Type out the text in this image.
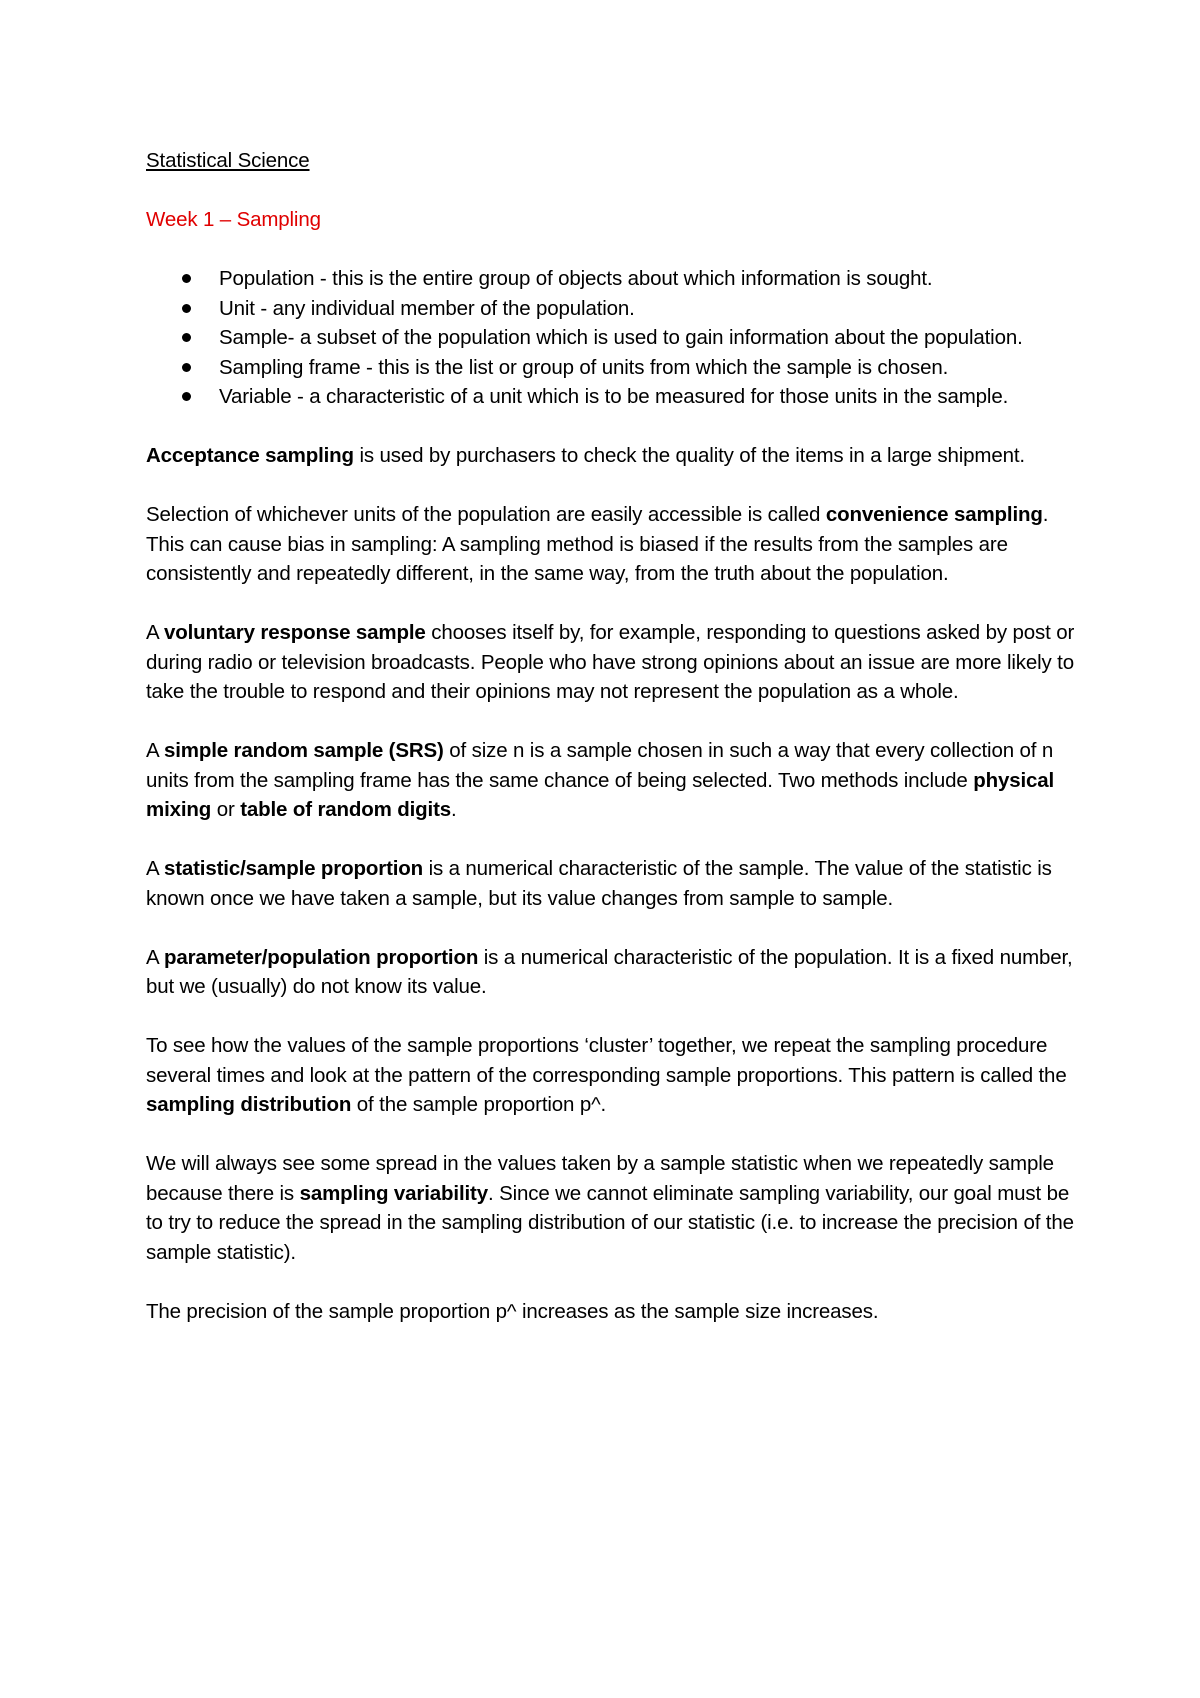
Statistical Science
Week 1 – Sampling
Population - this is the entire group of objects about which information is sought.
Unit - any individual member of the population.
Sample- a subset of the population which is used to gain information about the population.
Sampling frame - this is the list or group of units from which the sample is chosen.
Variable - a characteristic of a unit which is to be measured for those units in the sample.

Acceptance sampling is used by purchasers to check the quality of the items in a large shipment.

Selection of whichever units of the population are easily accessible is called convenience sampling. This can cause bias in sampling: A sampling method is biased if the results from the samples are consistently and repeatedly different, in the same way, from the truth about the population.

A voluntary response sample chooses itself by, for example, responding to questions asked by post or during radio or television broadcasts. People who have strong opinions about an issue are more likely to take the trouble to respond and their opinions may not represent the population as a whole.

A simple random sample (SRS) of size n is a sample chosen in such a way that every collection of n units from the sampling frame has the same chance of being selected. Two methods include physical mixing or table of random digits.

A statistic/sample proportion is a numerical characteristic of the sample. The value of the statistic is known once we have taken a sample, but its value changes from sample to sample.

A parameter/population proportion is a numerical characteristic of the population. It is a fixed number, but we (usually) do not know its value.

To see how the values of the sample proportions ‘cluster’ together, we repeat the sampling procedure several times and look at the pattern of the corresponding sample proportions. This pattern is called the sampling distribution of the sample proportion p^.

We will always see some spread in the values taken by a sample statistic when we repeatedly sample because there is sampling variability. Since we cannot eliminate sampling variability, our goal must be to try to reduce the spread in the sampling distribution of our statistic (i.e. to increase the precision of the sample statistic).

The precision of the sample proportion p^ increases as the sample size increases.
